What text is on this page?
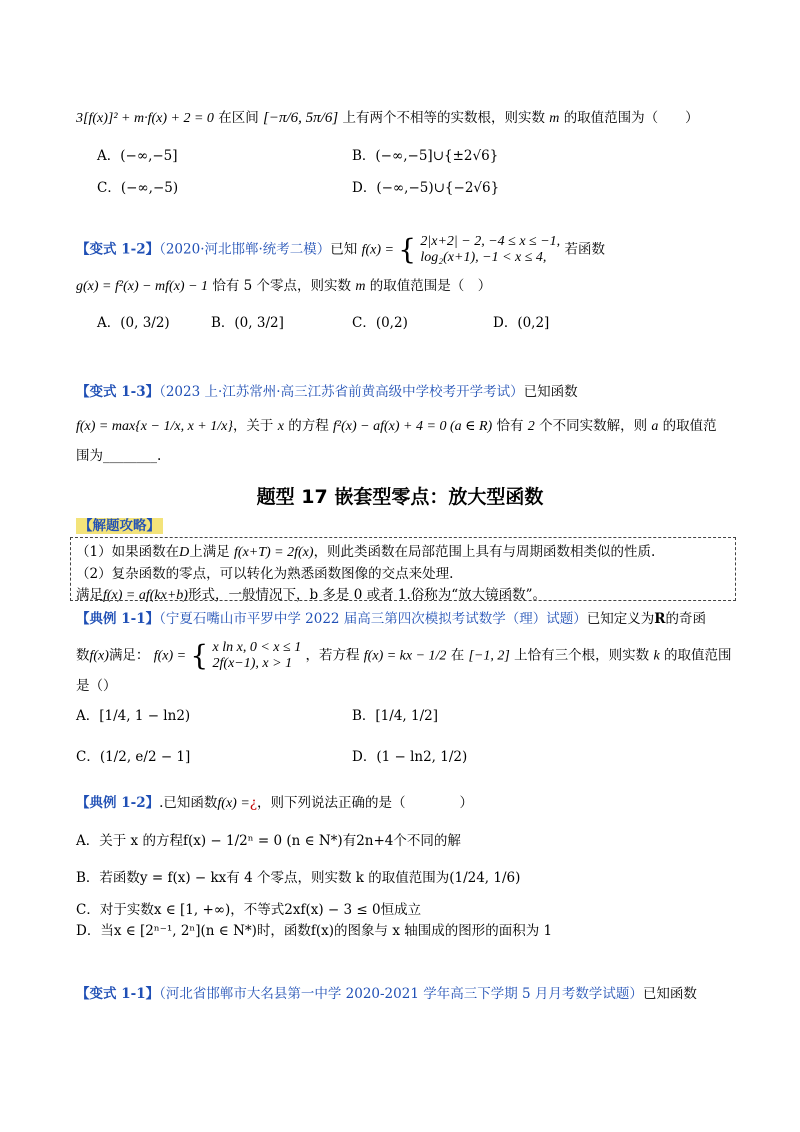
3[f(x)]² + m·f(x) + 2 = 0 在区间 [−π/6, 5π/6] 上有两个不相等的实数根，则实数 m 的取值范围为（　　）
A．(−∞,−5]	B．(−∞,−5]∪{±2√6}
C．(−∞,−5)	D．(−∞,−5)∪{−2√6}
【变式 1-2】（2020·河北邯郸·统考二模）已知 f(x) = { 2|x+2| − 2, −4 ≤ x ≤ −1,
log₂(x+1), −1 < x ≤ 4,	若函数
g(x) = f²(x) − mf(x) − 1 恰有 5 个零点，则实数 m 的取值范围是（　）
A．(0, 3/2)	B．(0, 3/2]	C．(0,2)	D．(0,2]
【变式 1-3】（2023 上·江苏常州·高三江苏省前黄高级中学校考开学考试）已知函数
f(x) = max{x − 1/x, x + 1/x}，关于 x 的方程 f²(x) − af(x) + 4 = 0 (a ∈ R) 恰有 2 个不同实数解，则 a 的取值范
围为________.
题型 17 嵌套型零点：放大型函数
【解题攻略】
（1）如果函数在D上满足 f(x+T) = 2f(x)，则此类函数在局部范围上具有与周期函数相类似的性质.
（2）复杂函数的零点，可以转化为熟悉函数图像的交点来处理.
满足f(x) = af(kx+b)形式，一般情况下，b 多是 0 或者 1.俗称为“放大镜函数”。
【典例 1-1】（宁夏石嘴山市平罗中学 2022 届高三第四次模拟考试数学（理）试题）已知定义为R的奇函
数f(x)满足： f(x) = { x ln x, 0 < x ≤ 1
2f(x−1), x > 1 ，若方程 f(x) = kx − 1/2 在 [−1, 2] 上恰有三个根，则实数 k 的取值范围
是（）
A．[1/4, 1 − ln2)	B．[1/4, 1/2]
C．(1/2, e/2 − 1]	D．(1 − ln2, 1/2)
【典例 1-2】.已知函数f(x) =¿，则下列说法正确的是（　　　　）
A．关于 x 的方程f(x) − 1/2ⁿ = 0 (n ∈ N*)有2n+4个不同的解
B．若函数y = f(x) − kx有 4 个零点，则实数 k 的取值范围为(1/24, 1/6)
C．对于实数x ∈ [1, +∞)，不等式2xf(x) − 3 ≤ 0恒成立
D．当x ∈ [2ⁿ⁻¹, 2ⁿ](n ∈ N*)时，函数f(x)的图象与 x 轴围成的图形的面积为 1
【变式 1-1】（河北省邯郸市大名县第一中学 2020-2021 学年高三下学期 5 月月考数学试题）已知函数
